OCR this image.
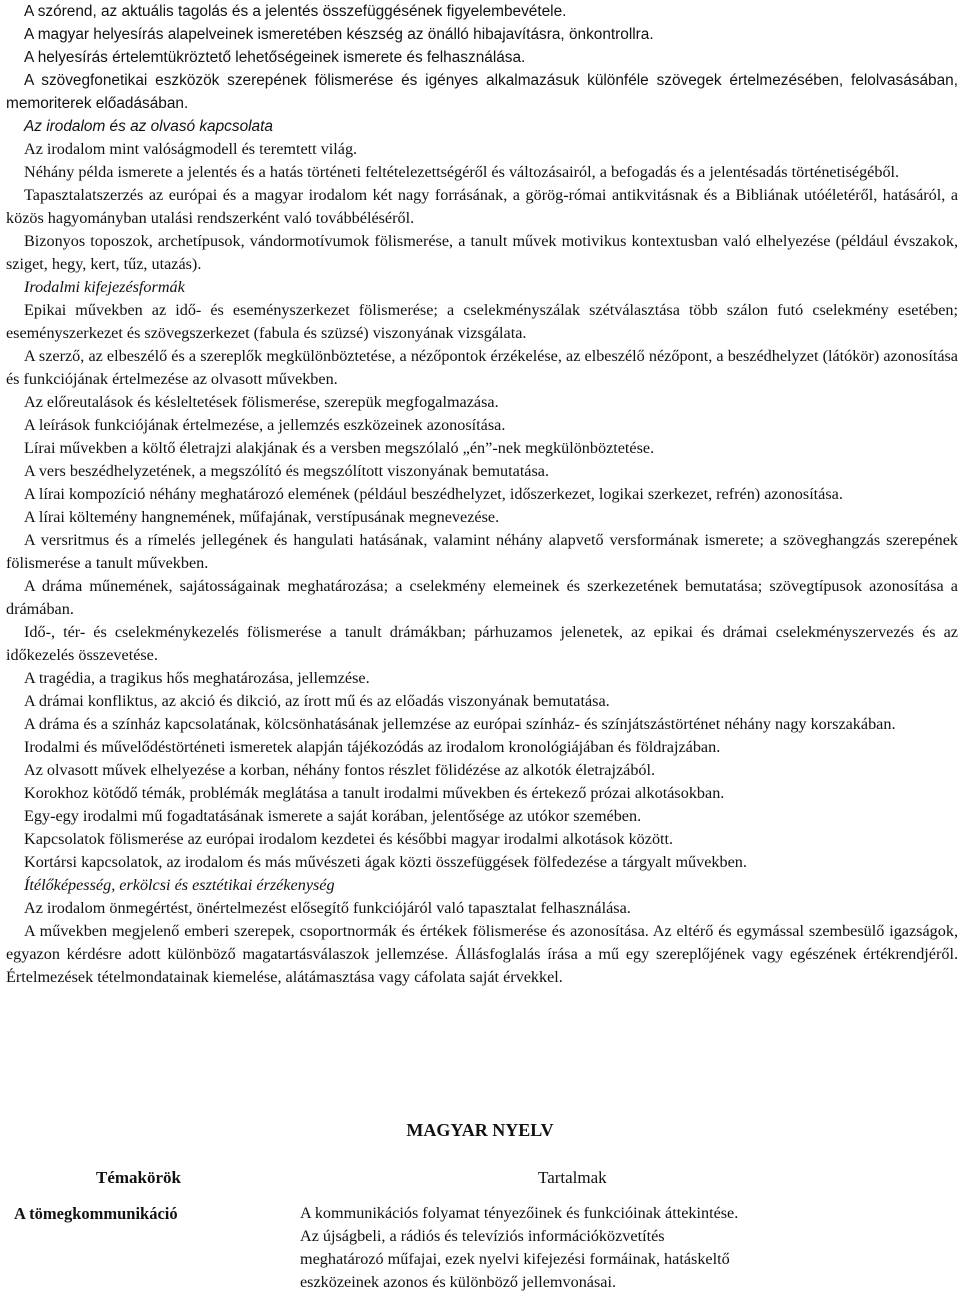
A szórend, az aktuális tagolás és a jelentés összefüggésének figyelembevétele.

A magyar helyesírás alapelveinek ismeretében készség az önálló hibajavításra, önkontrollra.

A helyesírás értelemtükröztető lehetőségeinek ismerete és felhasználása.

A szövegfonetikai eszközök szerepének fölismerése és igényes alkalmazásuk különféle szövegek értelmezésében, felolvasásában, memoriterek előadásában.

Az irodalom és az olvasó kapcsolata

Az irodalom mint valóságmodell és teremtett világ.

Néhány példa ismerete a jelentés és a hatás történeti feltételezettségéről és változásairól, a befogadás és a jelentésadás történetiségéből.

Tapasztalatszerzés az európai és a magyar irodalom két nagy forrásának, a görög-római antikvitásnak és a Bibliának utóéletéről, hatásáról, a közös hagyományban utalási rendszerként való továbbéléséről.

Bizonyos toposzok, archetípusok, vándormotívumok fölismerése, a tanult művek motivikus kontextusban való elhelyezése (például évszakok, sziget, hegy, kert, tűz, utazás).

Irodalmi kifejezésformák

Epikai művekben az idő- és eseményszerkezet fölismerése; a cselekményszálak szétválasztása több szálon futó cselekmény esetében; eseményszerkezet és szövegszerkezet (fabula és szüzsé) viszonyának vizsgálata.

A szerző, az elbeszélő és a szereplők megkülönböztetése, a nézőpontok érzékelése, az elbeszélő nézőpont, a beszédhelyzet (látókör) azonosítása és funkciójának értelmezése az olvasott művekben.

Az előreutalások és késleltetések fölismerése, szerepük megfogalmazása.

A leírások funkciójának értelmezése, a jellemzés eszközeinek azonosítása.

Lírai művekben a költő életrajzi alakjának és a versben megszólaló „én”-nek megkülönböztetése.

A vers beszédhelyzetének, a megszólító és megszólított viszonyának bemutatása.

A lírai kompozíció néhány meghatározó elemének (például beszédhelyzet, időszerkezet, logikai szerkezet, refrén) azonosítása.

A lírai költemény hangnemének, műfajának, verstípusának megnevezése.

A versritmus és a rímelés jellegének és hangulati hatásának, valamint néhány alapvető versformának ismerete; a szöveghangzás szerepének fölismerése a tanult művekben.

A dráma műnemének, sajátosságainak meghatározása; a cselekmény elemeinek és szerkezetének bemutatása; szövegtípusok azonosítása a drámában.

Idő-, tér- és cselekménykezelés fölismerése a tanult drámákban; párhuzamos jelenetek, az epikai és drámai cselekményszervezés és az időkezelés összevetése.

A tragédia, a tragikus hős meghatározása, jellemzése.

A drámai konfliktus, az akció és dikció, az írott mű és az előadás viszonyának bemutatása.

A dráma és a színház kapcsolatának, kölcsönhatásának jellemzése az európai színház- és színjátszástörténet néhány nagy korszakában.

Irodalmi és művelődéstörténeti ismeretek alapján tájékozódás az irodalom kronológiájában és földrajzában.

Az olvasott művek elhelyezése a korban, néhány fontos részlet fölidézése az alkotók életrajzából.

Korokhoz kötődő témák, problémák meglátása a tanult irodalmi művekben és értekező prózai alkotásokban.

Egy-egy irodalmi mű fogadtatásának ismerete a saját korában, jelentősége az utókor szemében.

Kapcsolatok fölismerése az európai irodalom kezdetei és későbbi magyar irodalmi alkotások között.

Kortársi kapcsolatok, az irodalom és más művészeti ágak közti összefüggések fölfedezése a tárgyalt művekben.

Ítélőképesség, erkölcsi és esztétikai érzékenység

Az irodalom önmegértést, önértelmezést elősegítő funkciójáról való tapasztalat felhasználása.

A művekben megjelenő emberi szerepek, csoportnormák és értékek fölismerése és azonosítása. Az eltérő és egymással szembesülő igazságok, egyazon kérdésre adott különböző magatartásválaszok jellemzése. Állásfoglalás írása a mű egy szereplőjének vagy egészének értékrendjéről. Értelmezések tételmondatainak kiemelése, alátámasztása vagy cáfolata saját érvekkel.

MAGYAR NYELV
Témakörök	Tartalmak
A tömegkommunikáció	A kommunikációs folyamat tényezőinek és funkcióinak áttekintése.
Az újságbeli, a rádiós és televíziós információközvetítés
meghatározó műfajai, ezek nyelvi kifejezési formáinak, hatáskeltő
eszközeinek azonos és különböző jellemvonásai.
